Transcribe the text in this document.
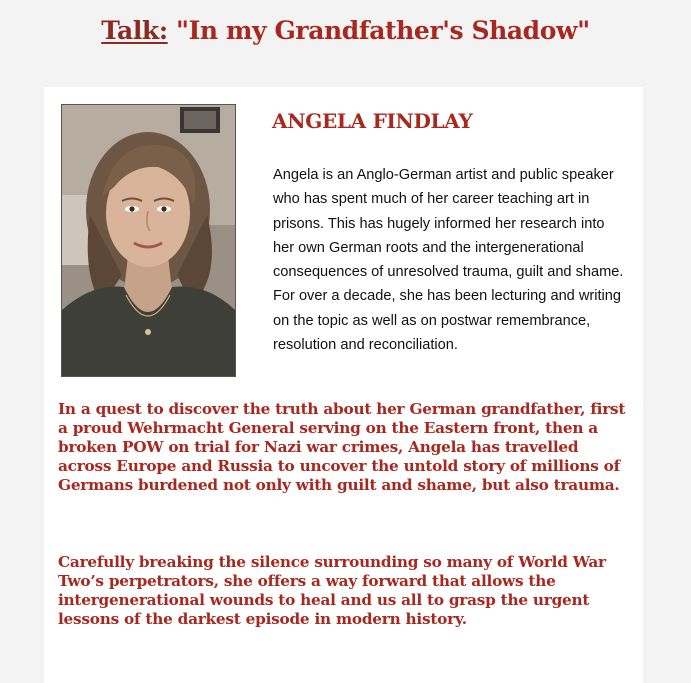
Talk: "In my Grandfather's Shadow"
ANGELA FINDLAY
Angela is an Anglo-German artist and public speaker who has spent much of her career teaching art in prisons. This has hugely informed her research into her own German roots and the intergenerational consequences of unresolved trauma, guilt and shame. For over a decade, she has been lecturing and writing on the topic as well as on postwar remembrance, resolution and reconciliation.
In a quest to discover the truth about her German grandfather, first a proud Wehrmacht General serving on the Eastern front, then a broken POW on trial for Nazi war crimes, Angela has travelled across Europe and Russia to uncover the untold story of millions of Germans burdened not only with guilt and shame, but also trauma.
Carefully breaking the silence surrounding so many of World War Two’s perpetrators, she offers a way forward that allows the intergenerational wounds to heal and us all to grasp the urgent lessons of the darkest episode in modern history.
